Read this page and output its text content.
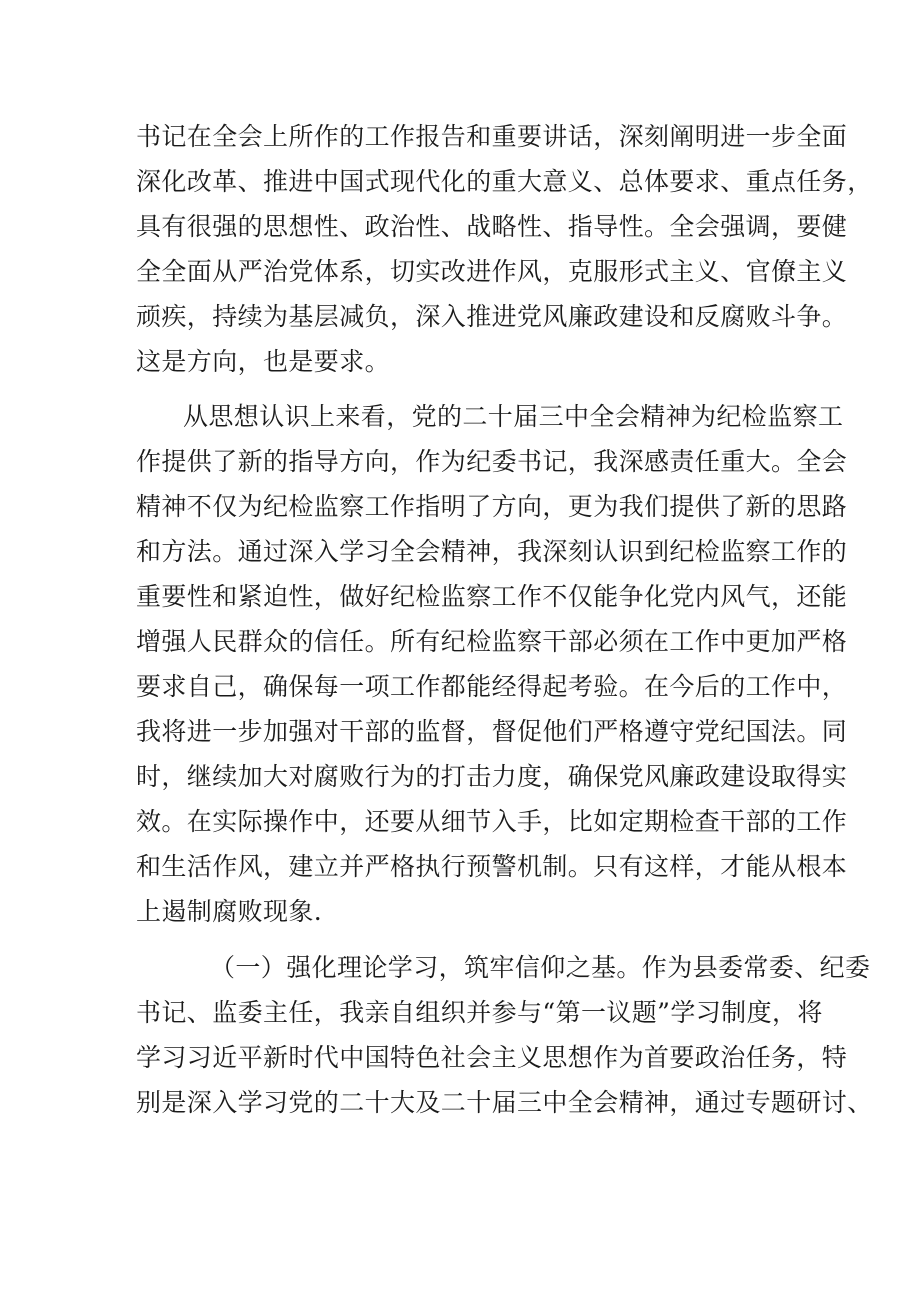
书记在全会上所作的工作报告和重要讲话，深刻阐明进一步全面

深化改革、推进中国式现代化的重大意义、总体要求、重点任务，

具有很强的思想性、政治性、战略性、指导性。全会强调，要健

全全面从严治党体系，切实改进作风，克服形式主义、官僚主义

顽疾，持续为基层减负，深入推进党风廉政建设和反腐败斗争。

这是方向，也是要求。

从思想认识上来看，党的二十届三中全会精神为纪检监察工

作提供了新的指导方向，作为纪委书记，我深感责任重大。全会

精神不仅为纪检监察工作指明了方向，更为我们提供了新的思路

和方法。通过深入学习全会精神，我深刻认识到纪检监察工作的

重要性和紧迫性，做好纪检监察工作不仅能争化党内风气，还能

增强人民群众的信任。所有纪检监察干部必须在工作中更加严格

要求自己，确保每一项工作都能经得起考验。在今后的工作中，

我将进一步加强对干部的监督，督促他们严格遵守党纪国法。同

时，继续加大对腐败行为的打击力度，确保党风廉政建设取得实

效。在实际操作中，还要从细节入手，比如定期检查干部的工作

和生活作风，建立并严格执行预警机制。只有这样，才能从根本

上遏制腐败现象.

（一）强化理论学习，筑牢信仰之基。作为县委常委、纪委

书记、监委主任，我亲自组织并参与“第一议题”学习制度，将

学习习近平新时代中国特色社会主义思想作为首要政治任务，特

别是深入学习党的二十大及二十届三中全会精神，通过专题研讨、
